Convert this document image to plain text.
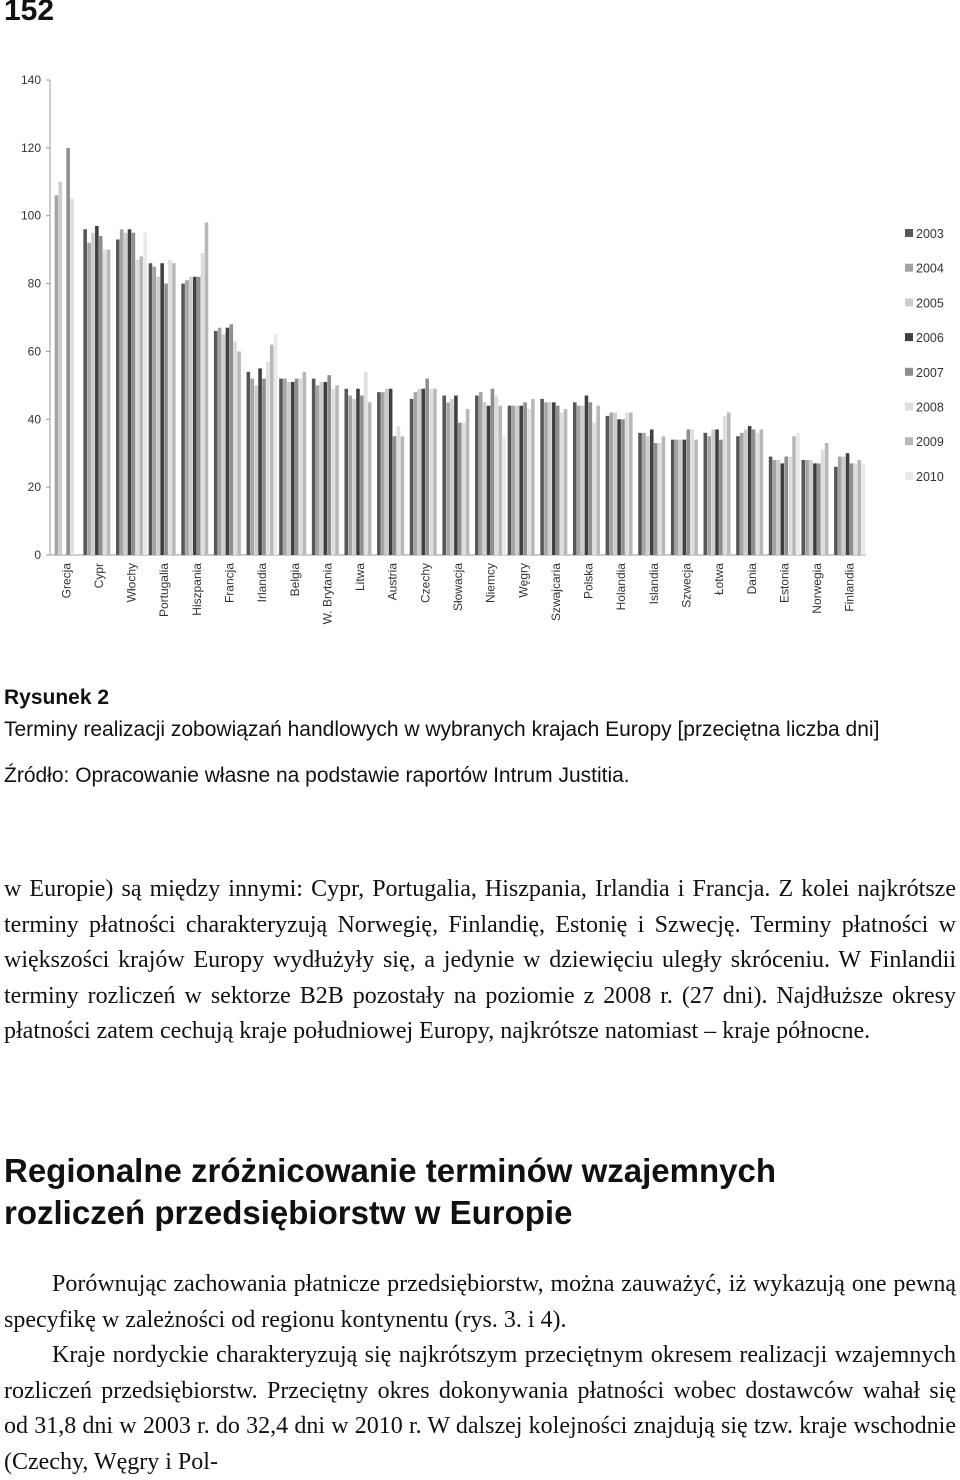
152
0
20
40
60
80
100
120
140
Grecja Cypr Włochy Portugalia Hiszpania Francja Irlandia Belgia W. Brytania Litwa Austria Czechy Słowacja Niemcy Węgry Szwajcaria Polska Holandia Islandia Szwecja Łotwa Dania Estonia Norwegia Finlandia
2003
2004
2005
2006
2007
2008
2009
2010
Rysunek 2
Terminy realizacji zobowiązań handlowych w wybranych krajach Europy [przeciętna liczba dni]
Źródło: Opracowanie własne na podstawie raportów Intrum Justitia.
w Europie) są między innymi: Cypr, Portugalia, Hiszpania, Irlandia i Francja. Z kolei najkrótsze terminy płatności charakteryzują Norwegię, Finlandię, Estonię i Szwecję. Terminy płatności w większości krajów Europy wydłużyły się, a jedynie w dziewięciu uległy skróceniu. W Finlandii terminy rozliczeń w sektorze B2B pozostały na poziomie z 2008 r. (27 dni). Najdłuższe okresy płatności zatem cechują kraje południowej Europy, najkrótsze natomiast – kraje północne.
Regionalne zróżnicowanie terminów wzajemnych rozliczeń przedsiębiorstw w Europie
Porównując zachowania płatnicze przedsiębiorstw, można zauważyć, iż wykazują one pewną specyfikę w zależności od regionu kontynentu (rys. 3. i 4).
Kraje nordyckie charakteryzują się najkrótszym przeciętnym okresem realizacji wzajemnych rozliczeń przedsiębiorstw. Przeciętny okres dokonywania płatności wobec dostawców wahał się od 31,8 dni w 2003 r. do 32,4 dni w 2010 r. W dalszej kolejności znajdują się tzw. kraje wschodnie (Czechy, Węgry i Pol-
